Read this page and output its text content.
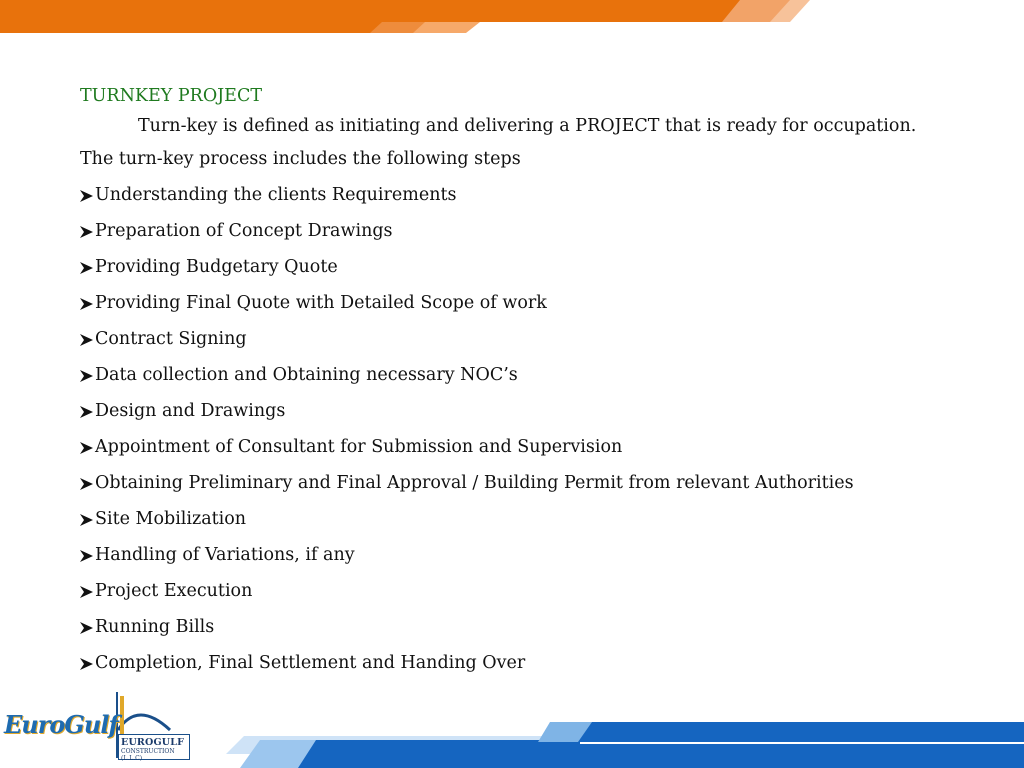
TURNKEY PROJECT
Turn-key is defined as initiating and delivering a PROJECT that is ready for occupation.
The turn-key process includes the following steps
Understanding the clients Requirements
Preparation of Concept Drawings
Providing Budgetary Quote
Providing Final Quote with Detailed Scope of work
Contract Signing
Data collection and Obtaining necessary NOC’s
Design and Drawings
Appointment of Consultant for Submission and Supervision
Obtaining Preliminary and Final Approval / Building Permit from relevant Authorities
Site Mobilization
Handling of Variations, if any
Project Execution
Running Bills
Completion, Final Settlement and Handing Over
EuroGulf
EUROGULF
CONSTRUCTION (L.L.C)
